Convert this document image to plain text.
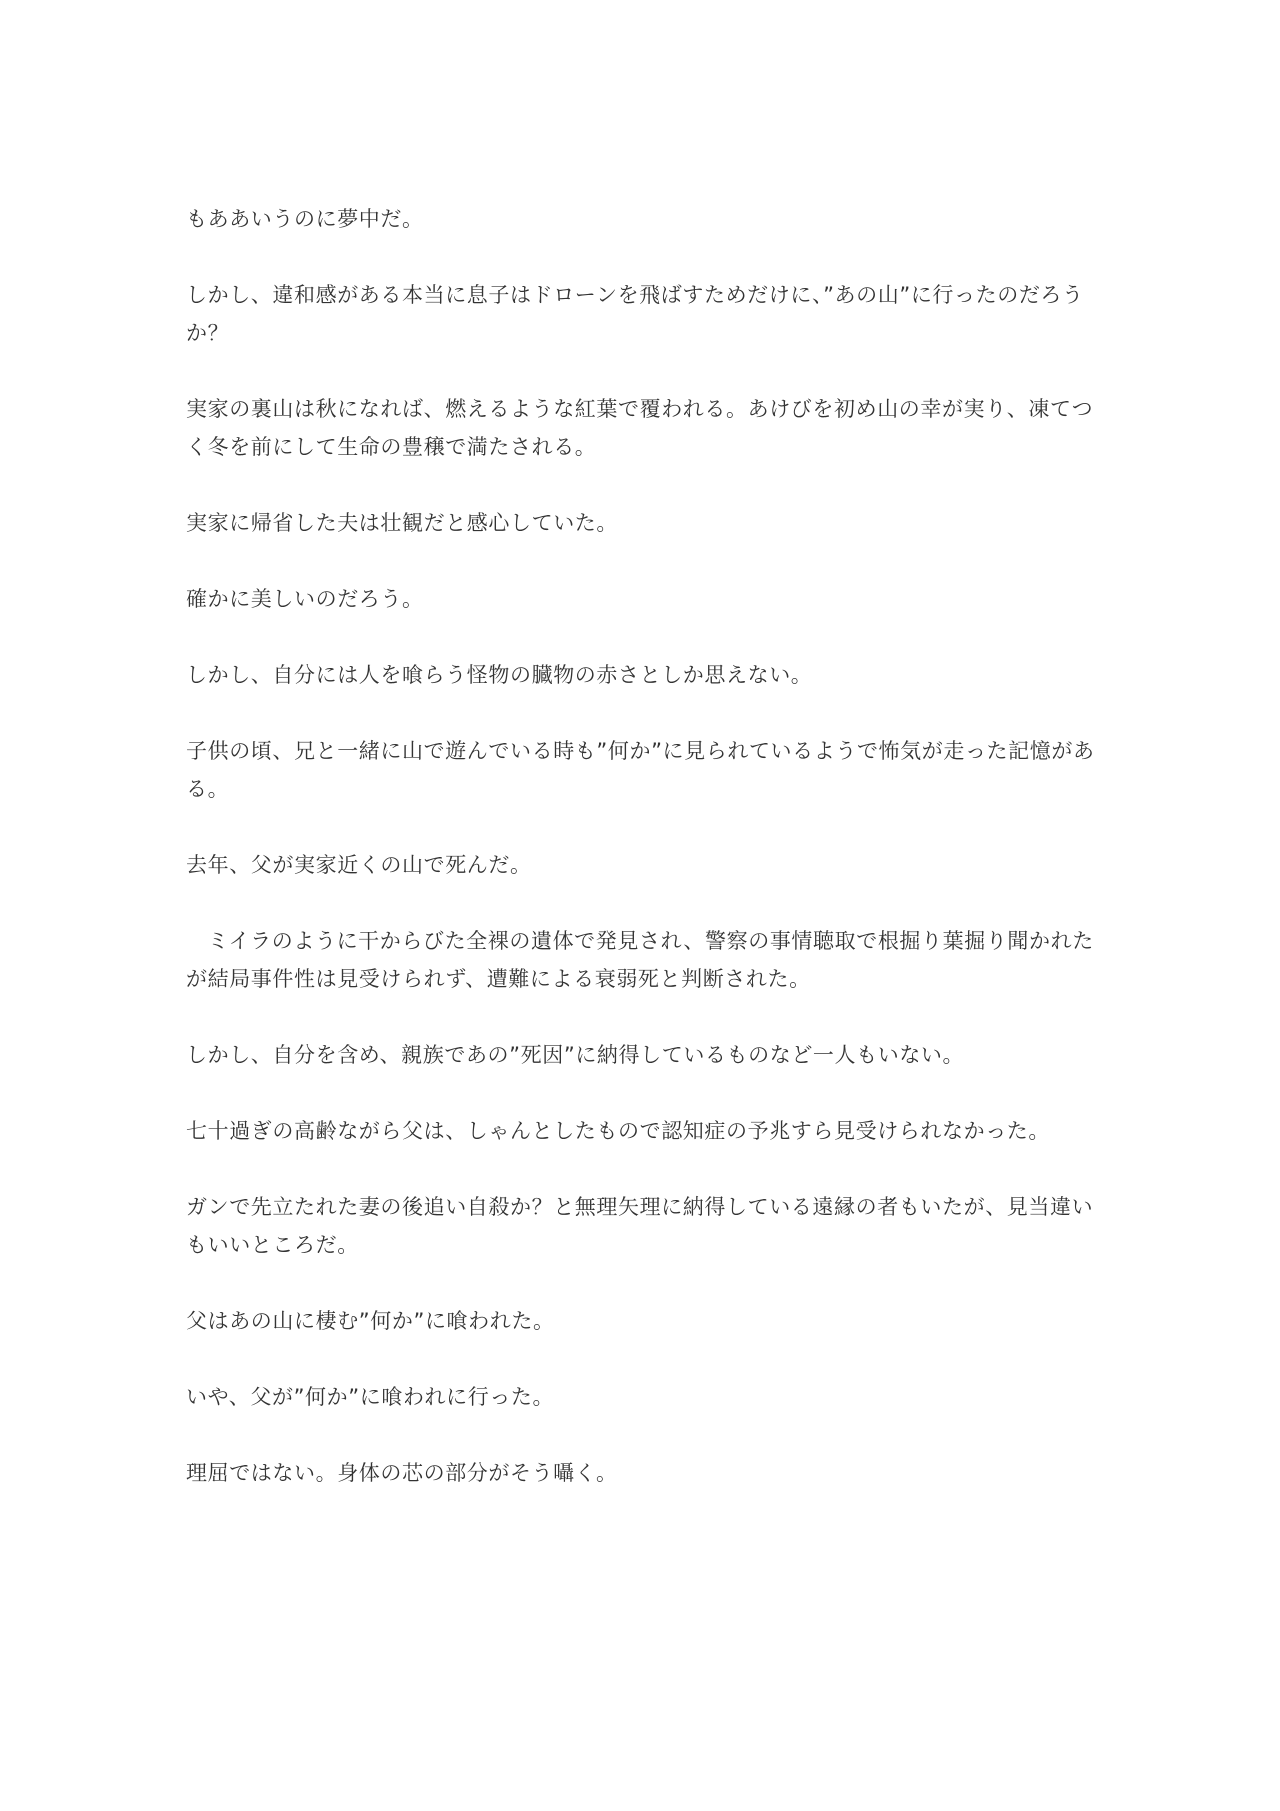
もああいうのに夢中だ。

しかし、違和感がある本当に息子はドローンを飛ばすためだけに、”あの山”に行ったのだろうか？

実家の裏山は秋になれば、燃えるような紅葉で覆われる。あけびを初め山の幸が実り、凍てつく冬を前にして生命の豊穣で満たされる。

実家に帰省した夫は壮観だと感心していた。

確かに美しいのだろう。

しかし、自分には人を喰らう怪物の臓物の赤さとしか思えない。

子供の頃、兄と一緒に山で遊んでいる時も”何か”に見られているようで怖気が走った記憶がある。

去年、父が実家近くの山で死んだ。

　ミイラのように干からびた全裸の遺体で発見され、警察の事情聴取で根掘り葉掘り聞かれたが結局事件性は見受けられず、遭難による衰弱死と判断された。

しかし、自分を含め、親族であの”死因”に納得しているものなど一人もいない。

七十過ぎの高齢ながら父は、しゃんとしたもので認知症の予兆すら見受けられなかった。

ガンで先立たれた妻の後追い自殺か？と無理矢理に納得している遠縁の者もいたが、見当違いもいいところだ。

父はあの山に棲む”何か”に喰われた。

いや、父が”何か”に喰われに行った。

理屈ではない。身体の芯の部分がそう囁く。
